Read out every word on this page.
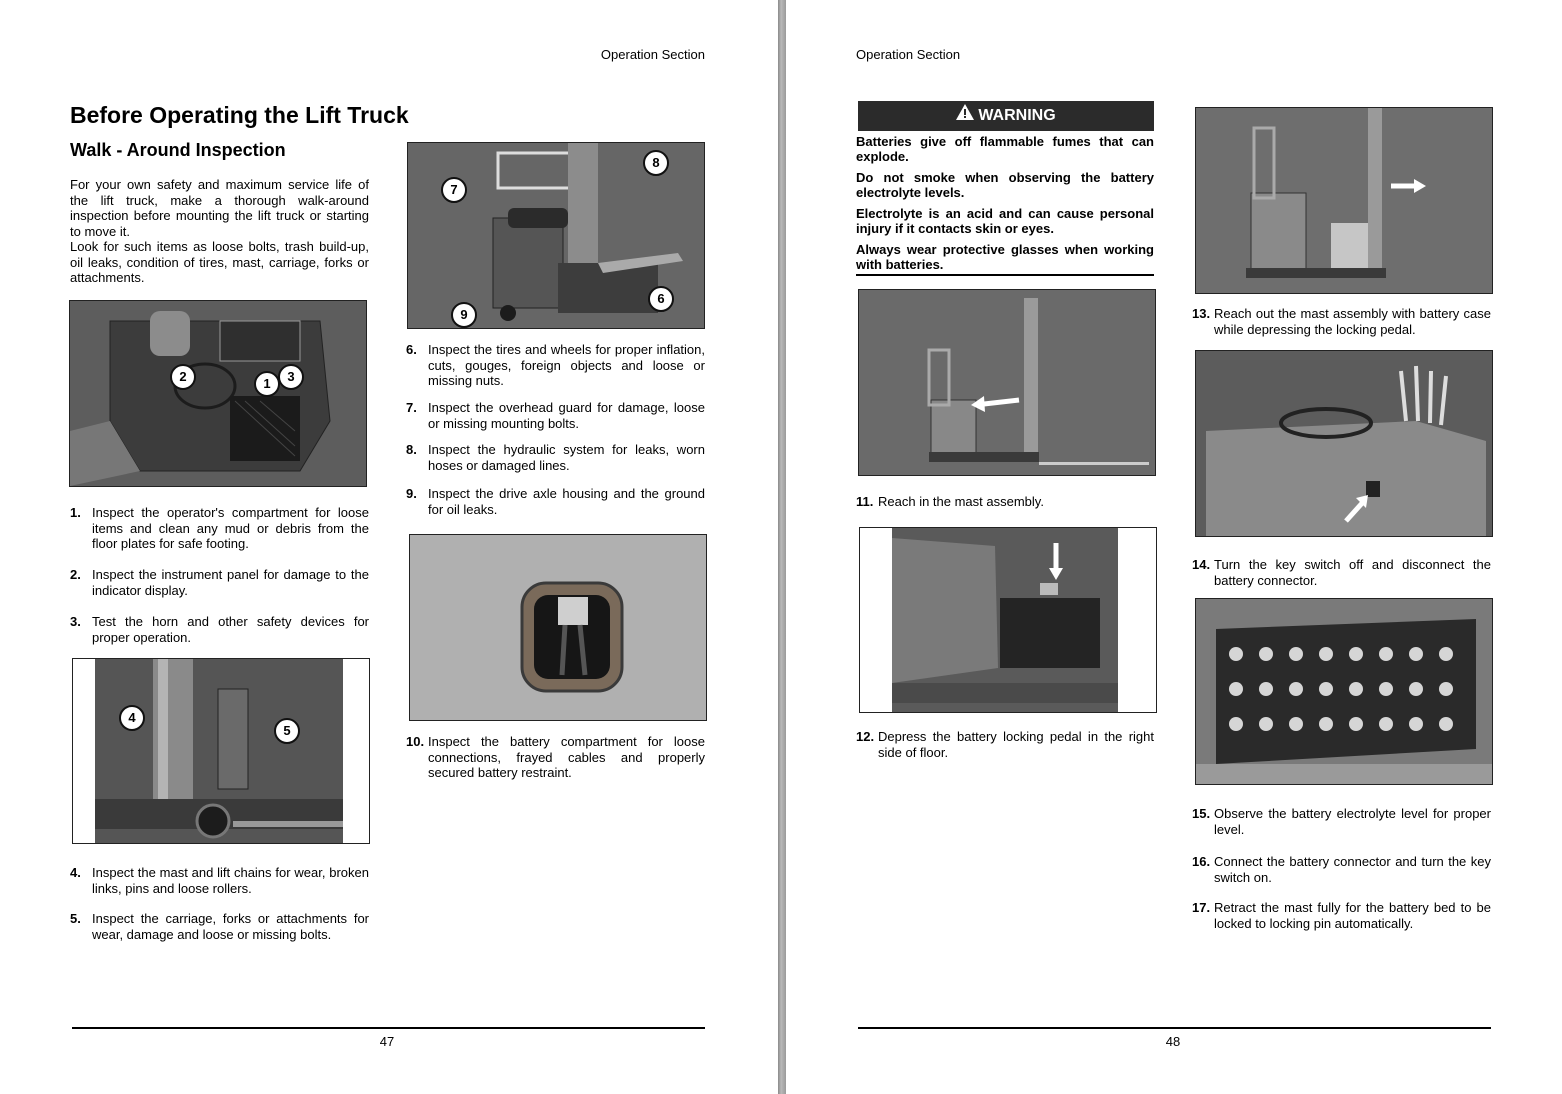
Operation Section
Before Operating the Lift Truck
Walk - Around Inspection
For your own safety and maximum service life of the lift truck, make a thorough walk-around inspection before mounting the lift truck or starting to move it.
Look for such items as loose bolts, trash build-up, oil leaks, condition of tires, mast, carriage, forks or attachments.
2	1	3
1. Inspect the operator's compartment for loose items and clean any mud or debris from the floor plates for safe footing.
2. Inspect the instrument panel for damage to the indicator display.
3. Test the horn and other safety devices for proper operation.
4
5
4. Inspect the mast and lift chains for wear, broken links, pins and loose rollers.
5. Inspect the carriage, forks or attachments for wear, damage and loose or missing bolts.
7
8
6
9
6. Inspect the tires and wheels for proper inflation, cuts, gouges, foreign objects and loose or missing nuts.
7. Inspect the overhead guard for damage, loose or missing mounting bolts.
8. Inspect the hydraulic system for leaks, worn hoses or damaged lines.
9. Inspect the drive axle housing and the ground for oil leaks.
10. Inspect the battery compartment for loose connections, frayed cables and properly secured battery restraint.
47
Operation Section
WARNING

Batteries give off flammable fumes that can explode.

Do not smoke when observing the battery electrolyte levels.

Electrolyte is an acid and can cause personal injury if it contacts skin or eyes.

Always wear protective glasses when working with batteries.

11. Reach in the mast assembly.
12. Depress the battery locking pedal in the right side of floor.
13. Reach out the mast assembly with battery case while depressing the locking pedal.
14. Turn the key switch off and disconnect the battery connector.
15. Observe the battery electrolyte level for proper level.
16. Connect the battery connector and turn the key switch on.
17. Retract the mast fully for the battery bed to be locked to locking pin automatically.
48
